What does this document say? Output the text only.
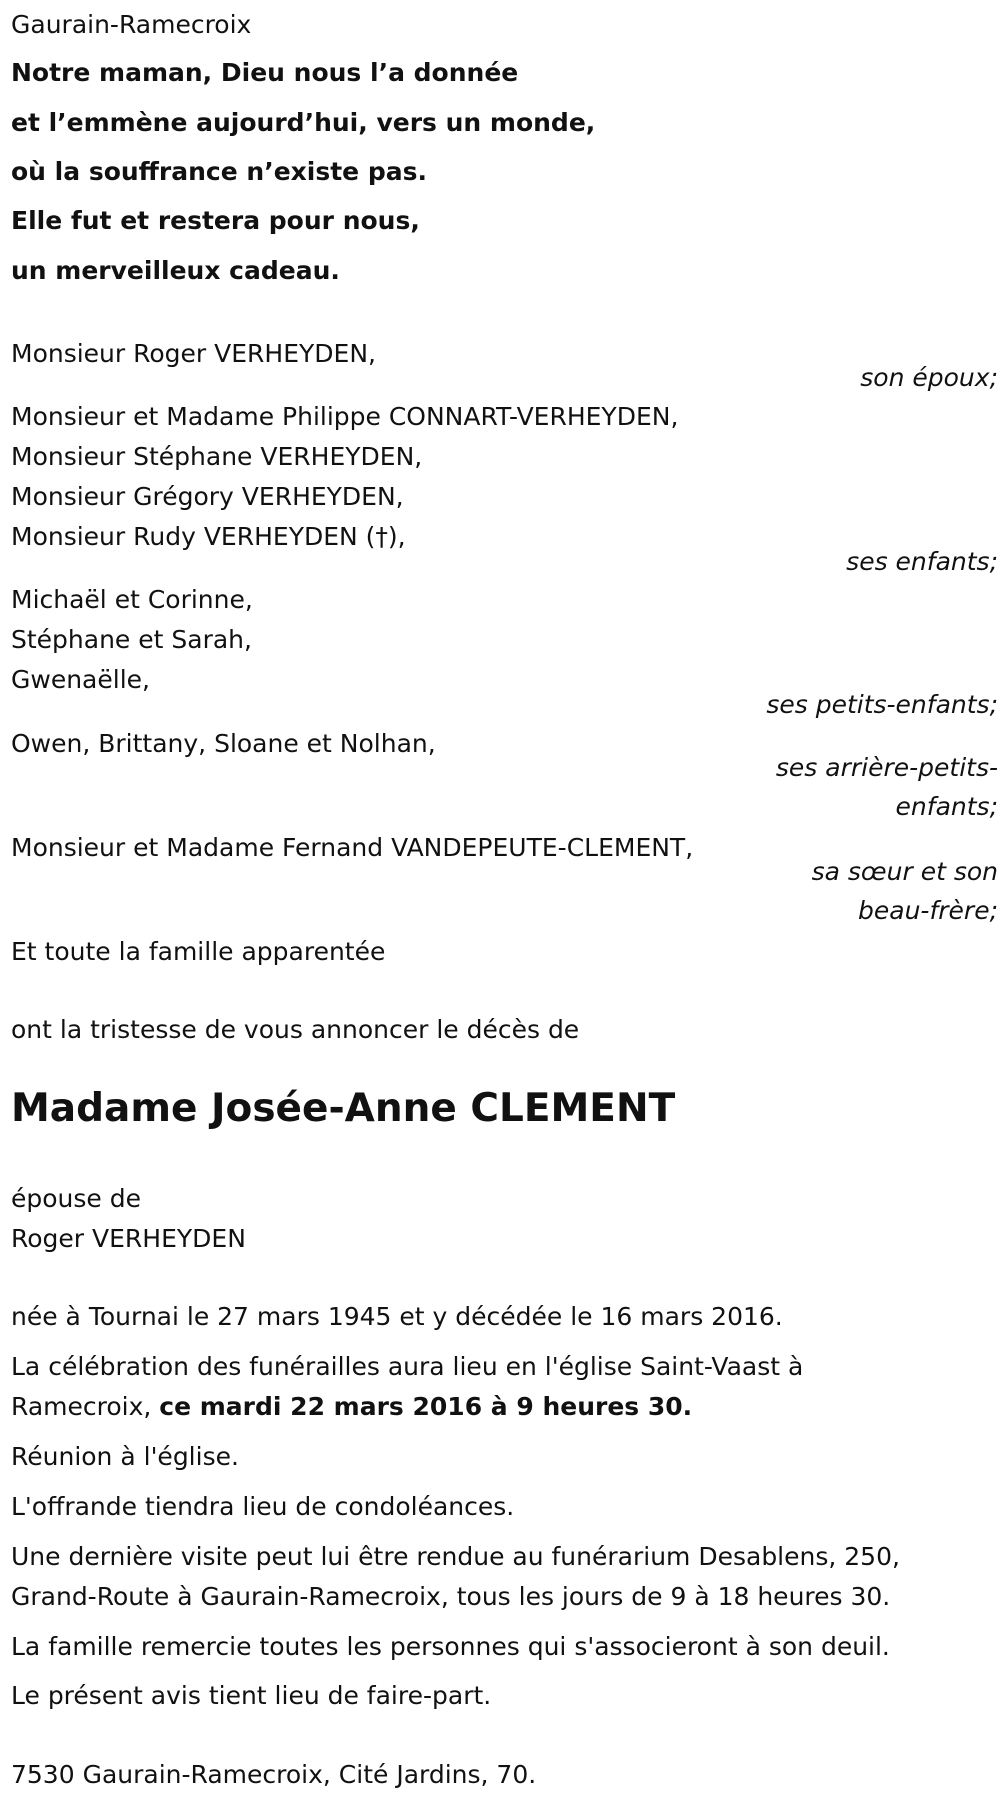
Gaurain-Ramecroix
Notre maman, Dieu nous l’a donnée
et l’emmène aujourd’hui, vers un monde,
où la souffrance n’existe pas.
Elle fut et restera pour nous,
un merveilleux cadeau.
Monsieur Roger VERHEYDEN,
son époux;
Monsieur et Madame Philippe CONNART-VERHEYDEN,
Monsieur Stéphane VERHEYDEN,
Monsieur Grégory VERHEYDEN,
Monsieur Rudy VERHEYDEN (†),
ses enfants;
Michaël et Corinne,
Stéphane et Sarah,
Gwenaëlle,
ses petits-enfants;
Owen, Brittany, Sloane et Nolhan,
ses arrière-petits-
enfants;
Monsieur et Madame Fernand VANDEPEUTE-CLEMENT,
sa sœur et son
beau-frère;
Et toute la famille apparentée
ont la tristesse de vous annoncer le décès de
Madame Josée-Anne CLEMENT
épouse de
Roger VERHEYDEN
née à Tournai le 27 mars 1945 et y décédée le 16 mars 2016.
La célébration des funérailles aura lieu en l'église Saint-Vaast à
Ramecroix, ce mardi 22 mars 2016 à 9 heures 30.
Réunion à l'église.
L'offrande tiendra lieu de condoléances.
Une dernière visite peut lui être rendue au funérarium Desablens, 250,
Grand-Route à Gaurain-Ramecroix, tous les jours de 9 à 18 heures 30.
La famille remercie toutes les personnes qui s'associeront à son deuil.
Le présent avis tient lieu de faire-part.
7530 Gaurain-Ramecroix, Cité Jardins, 70.
